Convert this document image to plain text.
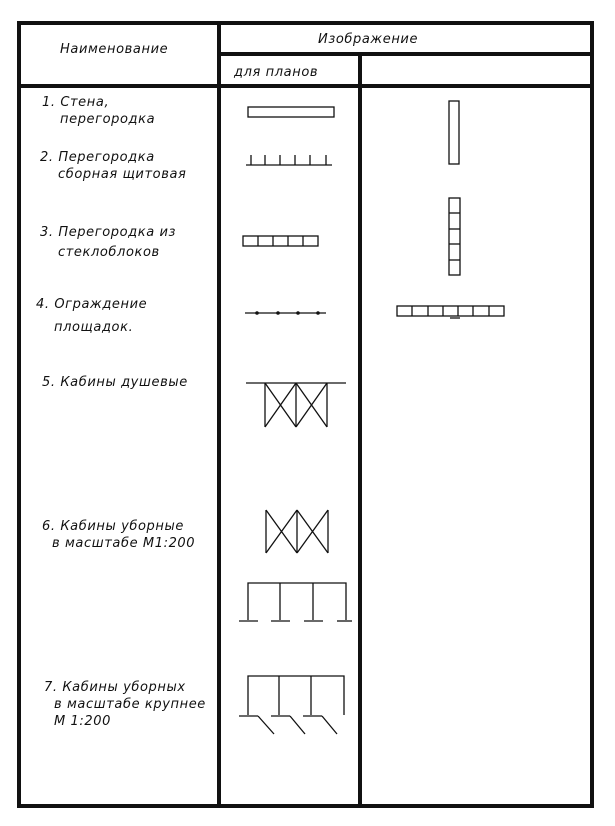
Наименование
Изображение
для планов
1. Стена,
перегородка
2. Перегородка
сборная щитовая
3. Перегородка из
стеклоблоков
4. Ограждение
площадок.
5. Кабины душевые
6. Кабины уборные
в масштабе М1:200
7. Кабины уборных
в масштабе крупнее
М 1:200
